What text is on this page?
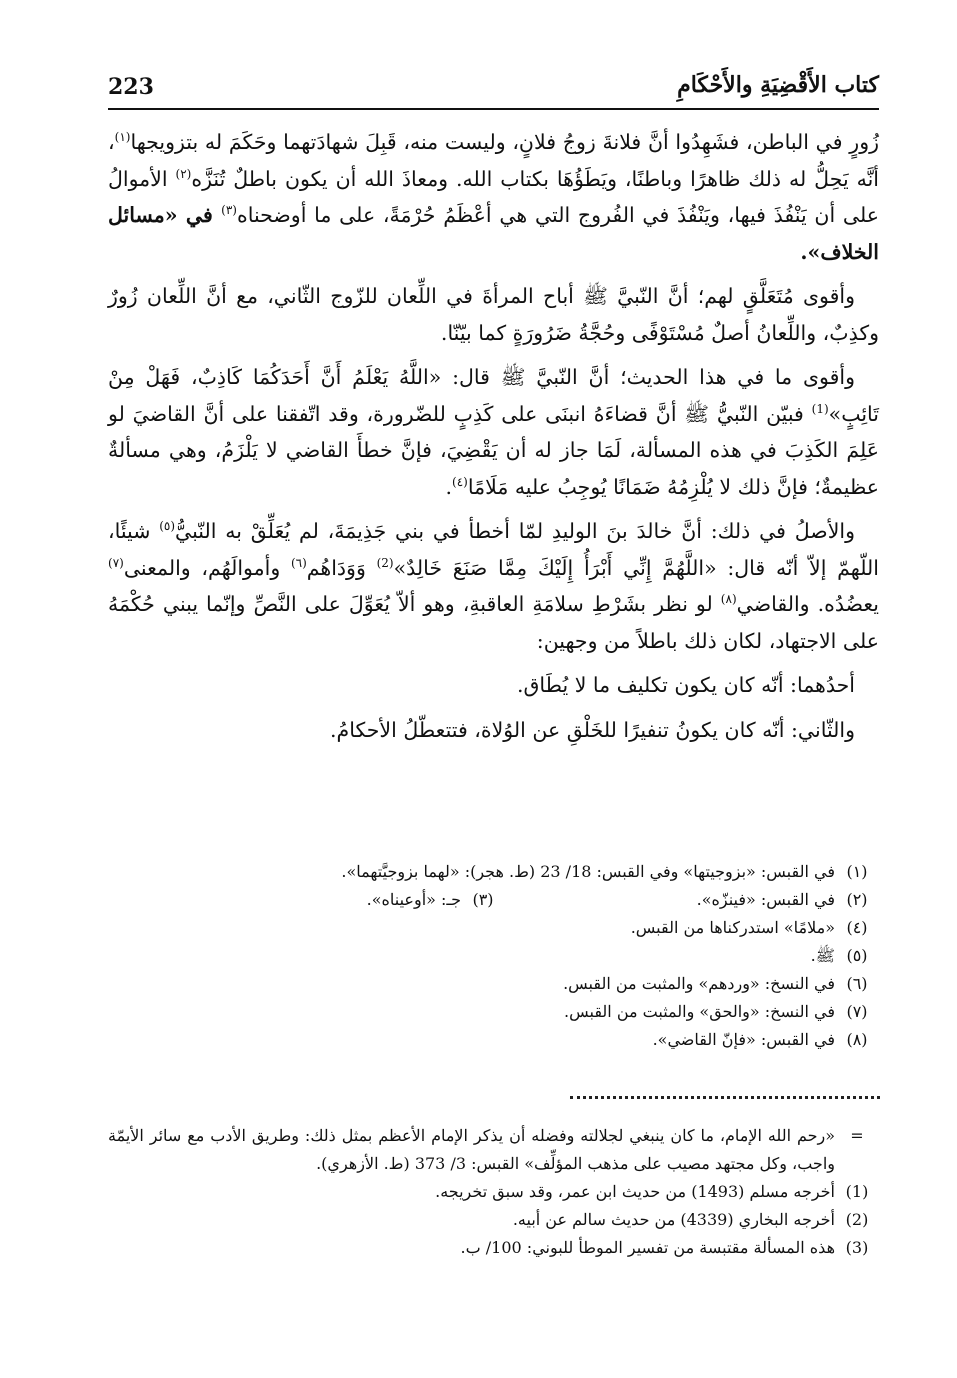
223	كتاب الأَقْضِيَةِ والأَحْكَامِ

زُورٍ في الباطن، فشَهِدُوا أنَّ فلانةَ زوجُ فلانٍ، وليست منه، قَبِلَ شهادَتهما وحَكَمَ له بتزويجها$^{(١)}$، أنَّه يَحِلُّ له ذلك ظاهرًا وباطنًا، ويَطَؤُهَا بكتاب الله. ومعاذَ الله أن يكون باطلٌ تُنَزَّه$^{(٢)}$ الأموالُ على أن يَنْفُذَ فيها، ويَنْفُذَ في الفُروج التي هي أعْظَمُ حُرْمَةً، على ما أوضحناه$^{(٣)}$ في «مسائل الخلاف».

وأقوى مُتَعَلَّقٍ لهم؛ أنَّ النّبيَّ ﷺ أباح المرأةَ في اللِّعان للزّوج الثّاني، مع أنَّ اللِّعان زُورٌ وكذِبٌ، واللِّعانُ أصلٌ مُسْتَوْفًى وحُجَّةُ ضَرُورَةٍ كما بيّنّا.

وأقوى ما في هذا الحديث؛ أنَّ النّبيَّ ﷺ قال: «اللَّهُ يَعْلَمُ أَنَّ أَحَدَكُمَا كَاذِبٌ، فَهَلْ مِنْ تَائِبٍ»$^{(1)}$ فبيّن النّبيُّ ﷺ أنَّ قضاءَهُ انبنَى على كَذِبٍ للضّرورة، وقد اتّفقنا على أنَّ القاضيَ لو عَلِمَ الكَذِبَ في هذه المسألة، لَمَا جاز له أن يَقْضِيَ، فإنَّ خطأَ القاضي لا يَلْزَمُ، وهي مسألةٌ عظيمةٌ؛ فإنَّ ذلك لا يُلْزِمُهُ ضَمَانًا يُوجِبُ عليه مَلَامًا$^{(٤)}$.

والأصلُ في ذلك: أنَّ خالدَ بنَ الوليدِ لمّا أخطأ في بني جَذِيمَةَ، لم يُعَلِّقْ به النّبيُّ$^{(٥)}$ شيئًا، اللّهمّ إلاّ أنّه قال: «اللَّهُمَّ إِنِّي أَبْرَأُ إِلَيْكَ مِمَّا صَنَعَ خَالِدٌ»$^{(2)}$ وَوَدَاهُم$^{(٦)}$ وأموالَهُم، والمعنى$^{(٧)}$ يعضُدُه. والقاضي$^{(٨)}$ لو نظر بشَرْطِ سلامَةِ العاقبةِ، وهو ألاّ يُعَوِّلَ على النَّصِّ وإنّما يبني حُكْمَهُ على الاجتهاد، لكان ذلك باطلاً من وجهين:

أحدُهما: أنّه كان يكون تكليف ما لا يُطَاق.

والثّاني: أنّه كان يكونُ تنفيرًا للخَلْقِ عن الوُلاة، فتتعطّلُ الأحكامُ.

(١)
في القبس: «بزوجيتها» وفي القبس: 18/ 23 (ط. هجر): «لهما بزوجيَّتهما».
(٢)
في القبس: «فينزّه».
(٣)
جـ: «أوعيناه».
(٤)
«ملامًا» استدركناها من القبس.
(٥)
ﷺ.
(٦)
في النسخ: «وردهم» والمثبت من القبس.
(٧)
في النسخ: «والحق» والمثبت من القبس.
(٨)
في القبس: «فإنّ القاضي».
=
«رحم الله الإمام، ما كان ينبغي لجلالته وفضله أن يذكر الإمام الأعظم بمثل ذلك: وطريق الأدب مع سائر الأيمّة واجب، وكل مجتهد مصيب على مذهب المؤلِّف» القبس: 3/ 373 (ط. الأزهري).
(1)
أخرجه مسلم (1493) من حديث ابن عمر، وقد سبق تخريجه.
(2)
أخرجه البخاري (4339) من حديث سالم عن أبيه.
(3)
هذه المسألة مقتبسة من تفسير الموطأ للبوني: 100/ ب.
